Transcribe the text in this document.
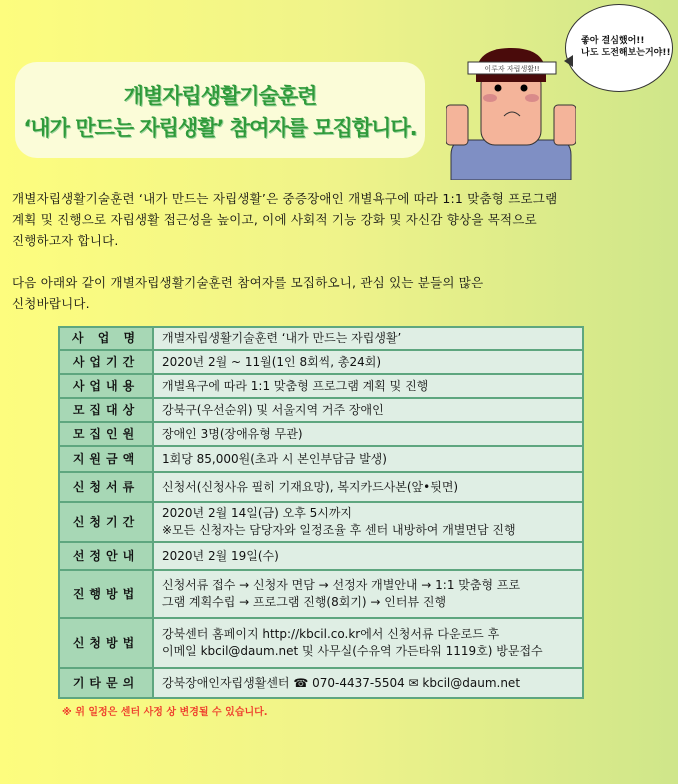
개별자립생활기술훈련
‘내가 만드는 자립생활’ 참여자를 모집합니다.
이루자 자립생활!!
좋아 결심했어!!
나도 도전해보는거야!!
개별자립생활기술훈련 ‘내가 만드는 자립생활’은 중증장애인 개별욕구에 따라 1:1 맞춤형 프로그램
계획 및 진행으로 자립생활 접근성을 높이고, 이에 사회적 기능 강화 및 자신감 향상을 목적으로
진행하고자 합니다.
다음 아래와 같이 개별자립생활기술훈련 참여자를 모집하오니, 관심 있는 분들의 많은
신청바랍니다.
사 업 명	개별자립생활기술훈련 ‘내가 만드는 자립생활’

사업기간	2020년 2월 ~ 11월(1인 8회씩, 총24회)

사업내용	개별욕구에 따라 1:1 맞춤형 프로그램 계획 및 진행

모집대상	강북구(우선순위) 및 서울지역 거주 장애인

모집인원	장애인 3명(장애유형 무관)

지원금액	1회당 85,000원(초과 시 본인부담금 발생)

신청서류	신청서(신청사유 필히 기재요망), 복지카드사본(앞•뒷면)

신청기간	2020년 2월 14일(금) 오후 5시까지
※모든 신청자는 담당자와 일정조율 후 센터 내방하여 개별면담 진행

선정안내	2020년 2월 19일(수)

진행방법	신청서류 접수 → 신청자 면담 → 선정자 개별안내 → 1:1 맞춤형 프로
그램 계획수립 → 프로그램 진행(8회기) → 인터뷰 진행

신청방법	강북센터 홈페이지 http://kbcil.co.kr에서 신청서류 다운로드 후
이메일 kbcil@daum.net 및 사무실(수유역 가든타워 1119호) 방문접수

기타문의	강북장애인자립생활센터 ☎ 070-4437-5504 ✉ kbcil@daum.net
※ 위 일정은 센터 사정 상 변경될 수 있습니다.
